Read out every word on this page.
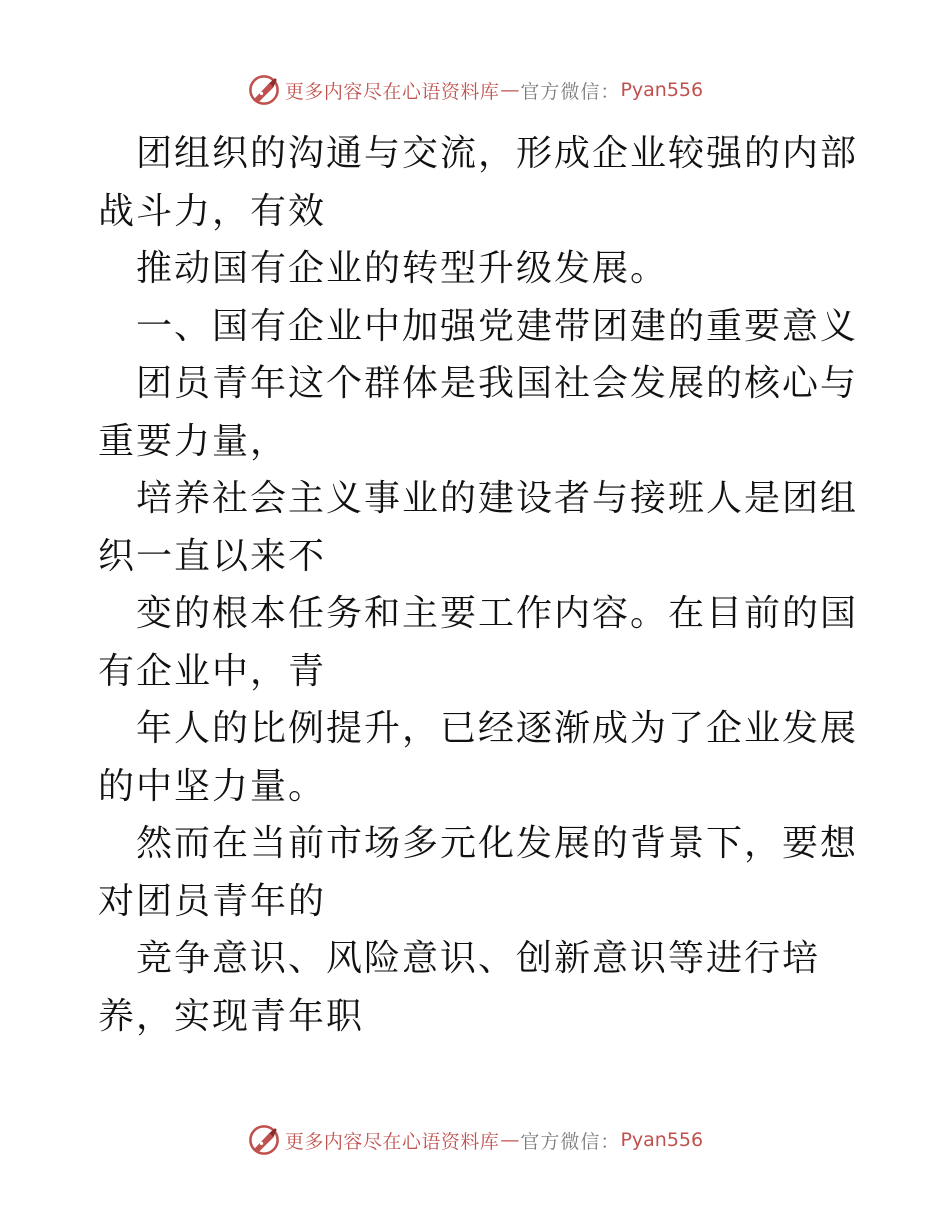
更多内容尽在心语资料库 — 官方微信： Pyan556

团组织的沟通与交流，形成企业较强的内部战斗力，有效

推动国有企业的转型升级发展。

一、国有企业中加强党建带团建的重要意义

团员青年这个群体是我国社会发展的核心与重要力量，

培养社会主义事业的建设者与接班人是团组织一直以来不

变的根本任务和主要工作内容。在目前的国有企业中，青

年人的比例提升，已经逐渐成为了企业发展的中坚力量。

然而在当前市场多元化发展的背景下，要想对团员青年的

竞争意识、风险意识、创新意识等进行培养，实现青年职

更多内容尽在心语资料库 — 官方微信： Pyan556
